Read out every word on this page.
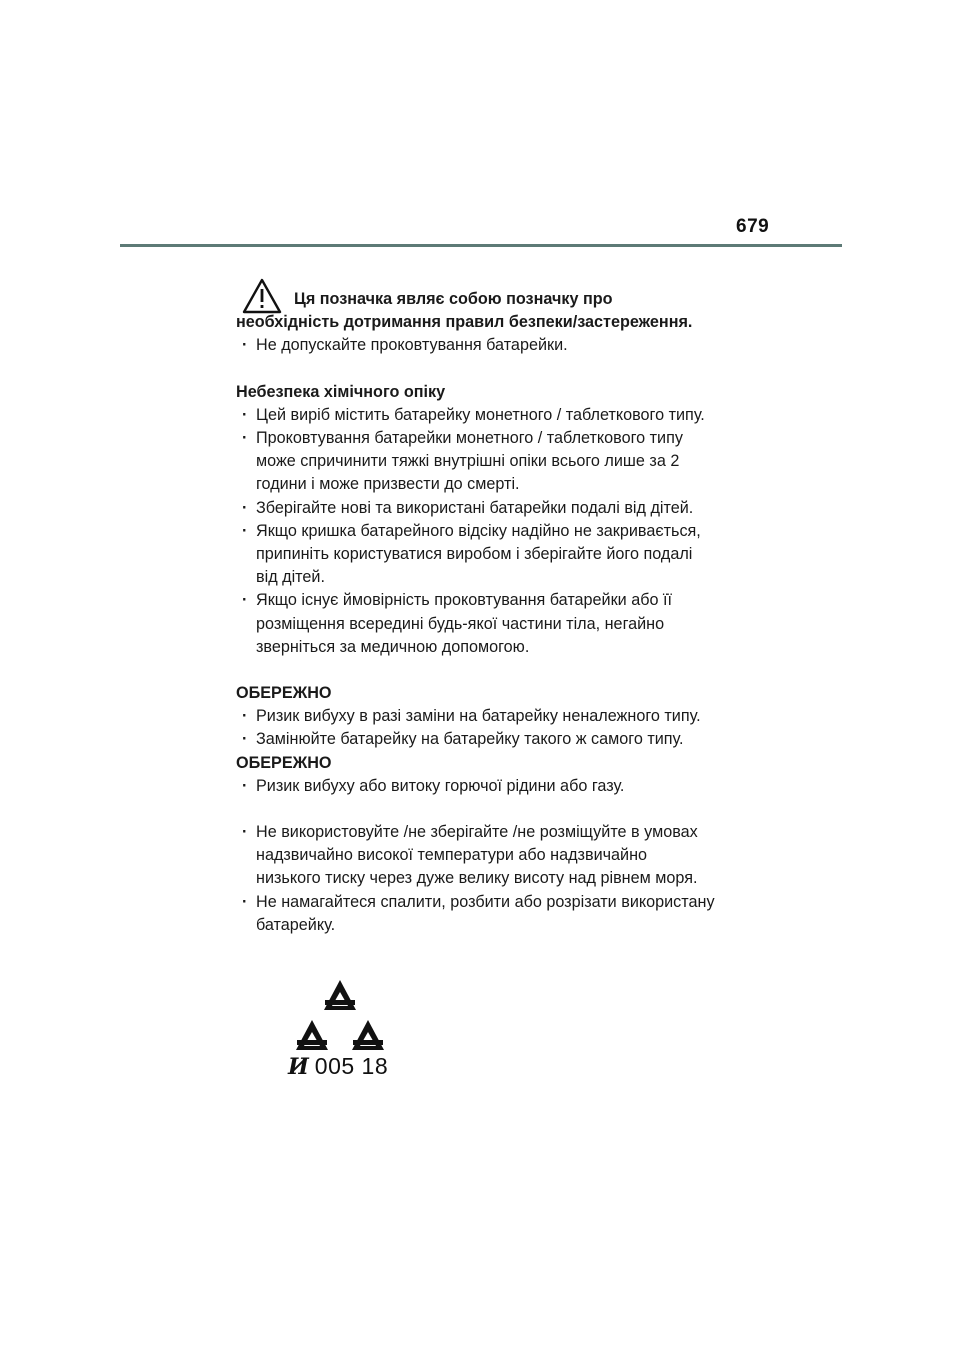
679
Ця позначка являє собою позначку про
необхідність дотримання правил безпеки/застереження.
· Не допускайте проковтування батарейки.
Небезпека хімічного опіку
· Цей виріб містить батарейку монетного / таблеткового типу.
· Проковтування батарейки монетного / таблеткового типу
може спричинити тяжкі внутрішні опіки всього лише за 2
години і може призвести до смерті.
· Зберігайте нові та використані батарейки подалі від дітей.
· Якщо кришка батарейного відсіку надійно не закривається,
припиніть користуватися виробом і зберігайте його подалі
від дітей.
· Якщо існує ймовірність проковтування батарейки або її
розміщення всередині будь-якої частини тіла, негайно
зверніться за медичною допомогою.
ОБЕРЕЖНО
· Ризик вибуху в разі заміни на батарейку неналежного типу.
· Замінюйте батарейку на батарейку такого ж самого типу.
ОБЕРЕЖНО
· Ризик вибуху або витоку горючої рідини або газу.
· Не використовуйте /не зберігайте /не розміщуйте в умовах
надзвичайно високої температури або надзвичайно
низького тиску через дуже велику висоту над рівнем моря.
· Не намагайтеся спалити, розбити або розрізати використану
батарейку.
И 005 18
